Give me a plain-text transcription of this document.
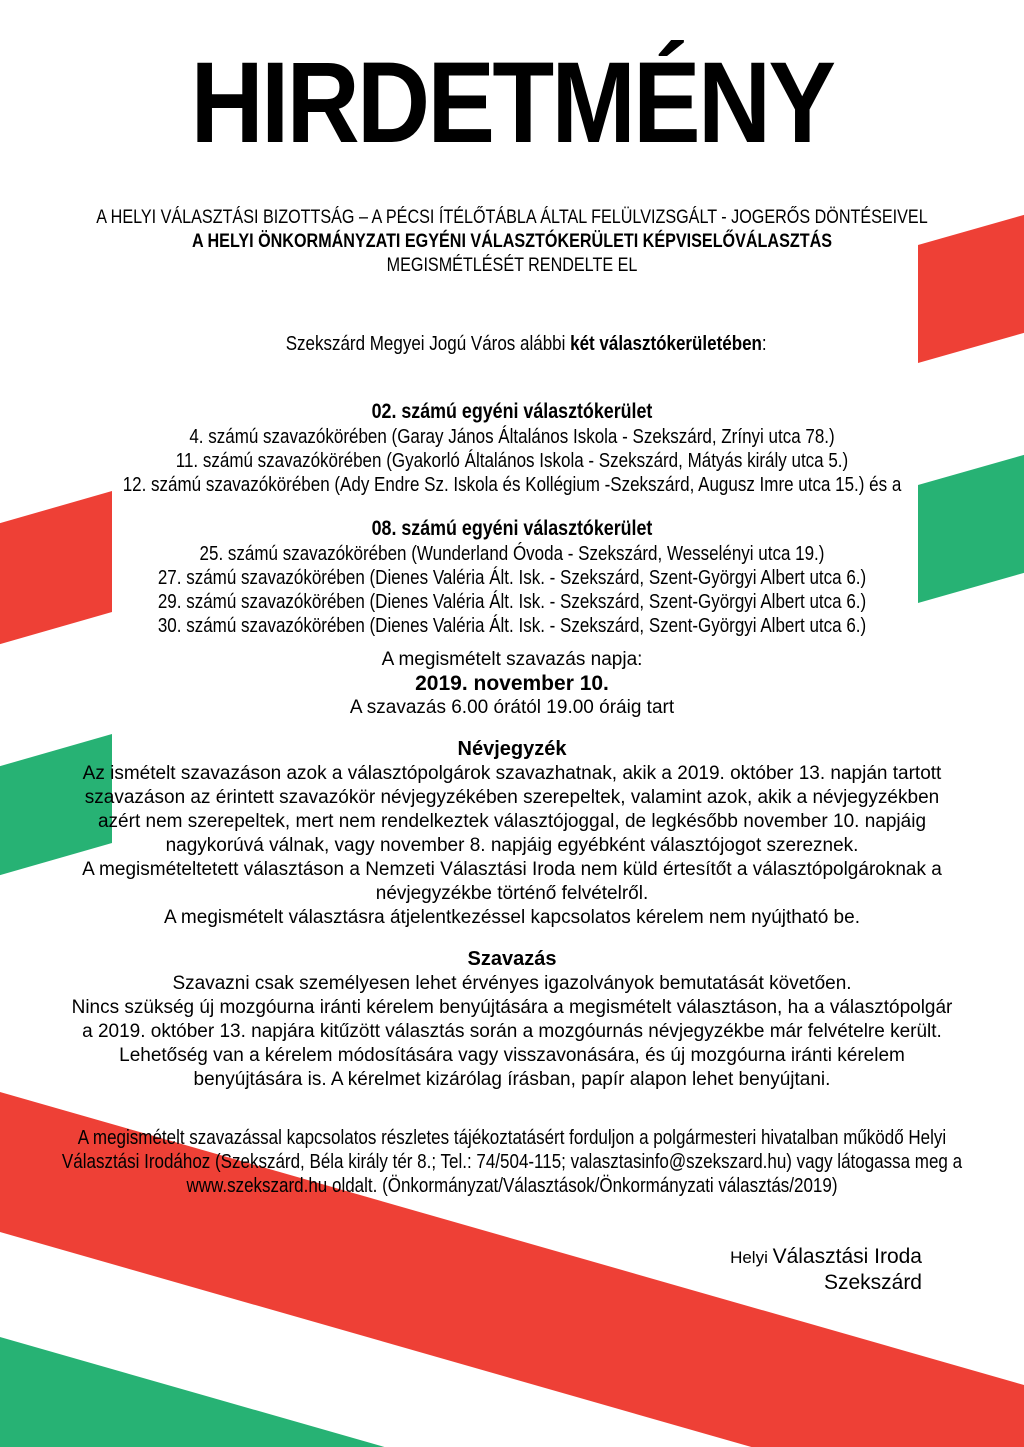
HIRDETMÉNY
A HELYI VÁLASZTÁSI BIZOTTSÁG – A PÉCSI ÍTÉLŐTÁBLA ÁLTAL FELÜLVIZSGÁLT - JOGERŐS DÖNTÉSEIVEL
A HELYI ÖNKORMÁNYZATI EGYÉNI VÁLASZTÓKERÜLETI KÉPVISELŐVÁLASZTÁS
MEGISMÉTLÉSÉT RENDELTE EL

Szekszárd Megyei Jogú Város alábbi két választókerületében:

02. számú egyéni választókerület
4. számú szavazókörében (Garay János Általános Iskola - Szekszárd, Zrínyi utca 78.)
11. számú szavazókörében (Gyakorló Általános Iskola - Szekszárd, Mátyás király utca 5.)
12. számú szavazókörében (Ady Endre Sz. Iskola és Kollégium -Szekszárd, Augusz Imre utca 15.) és a
08. számú egyéni választókerület
25. számú szavazókörében (Wunderland Óvoda - Szekszárd, Wesselényi utca 19.)
27. számú szavazókörében (Dienes Valéria Ált. Isk. - Szekszárd, Szent-Györgyi Albert utca 6.)
29. számú szavazókörében (Dienes Valéria Ált. Isk. - Szekszárd, Szent-Györgyi Albert utca 6.)
30. számú szavazókörében (Dienes Valéria Ált. Isk. - Szekszárd, Szent-Györgyi Albert utca 6.)
A megismételt szavazás napja:
2019. november 10.
A szavazás 6.00 órától 19.00 óráig tart
Névjegyzék

Az ismételt szavazáson azok a választópolgárok szavazhatnak, akik a 2019. október 13. napján tartott szavazáson az érintett szavazókör névjegyzékében szerepeltek, valamint azok, akik a névjegyzékben azért nem szerepeltek, mert nem rendelkeztek választójoggal, de legkésőbb november 10. napjáig nagykorúvá válnak, vagy november 8. napjáig egyébként választójogot szereznek.

A megismételtetett választáson a Nemzeti Választási Iroda nem küld értesítőt a választópolgároknak a névjegyzékbe történő felvételről.

A megismételt választásra átjelentkezéssel kapcsolatos kérelem nem nyújtható be.

Szavazás

Szavazni csak személyesen lehet érvényes igazolványok bemutatását követően.

Nincs szükség új mozgóurna iránti kérelem benyújtására a megismételt választáson, ha a választópolgár a 2019. október 13. napjára kitűzött választás során a mozgóurnás névjegyzékbe már felvételre került. Lehetőség van a kérelem módosítására vagy visszavonására, és új mozgóurna iránti kérelem benyújtására is. A kérelmet kizárólag írásban, papír alapon lehet benyújtani.

A megismételt szavazással kapcsolatos részletes tájékoztatásért forduljon a polgármesteri hivatalban működő Helyi Választási Irodához (Szekszárd, Béla király tér 8.; Tel.: 74/504-115; valasztasinfo@szekszard.hu) vagy látogassa meg a www.szekszard.hu oldalt. (Önkormányzat/Választások/Önkormányzati választás/2019)
Helyi Választási Iroda
Szekszárd
